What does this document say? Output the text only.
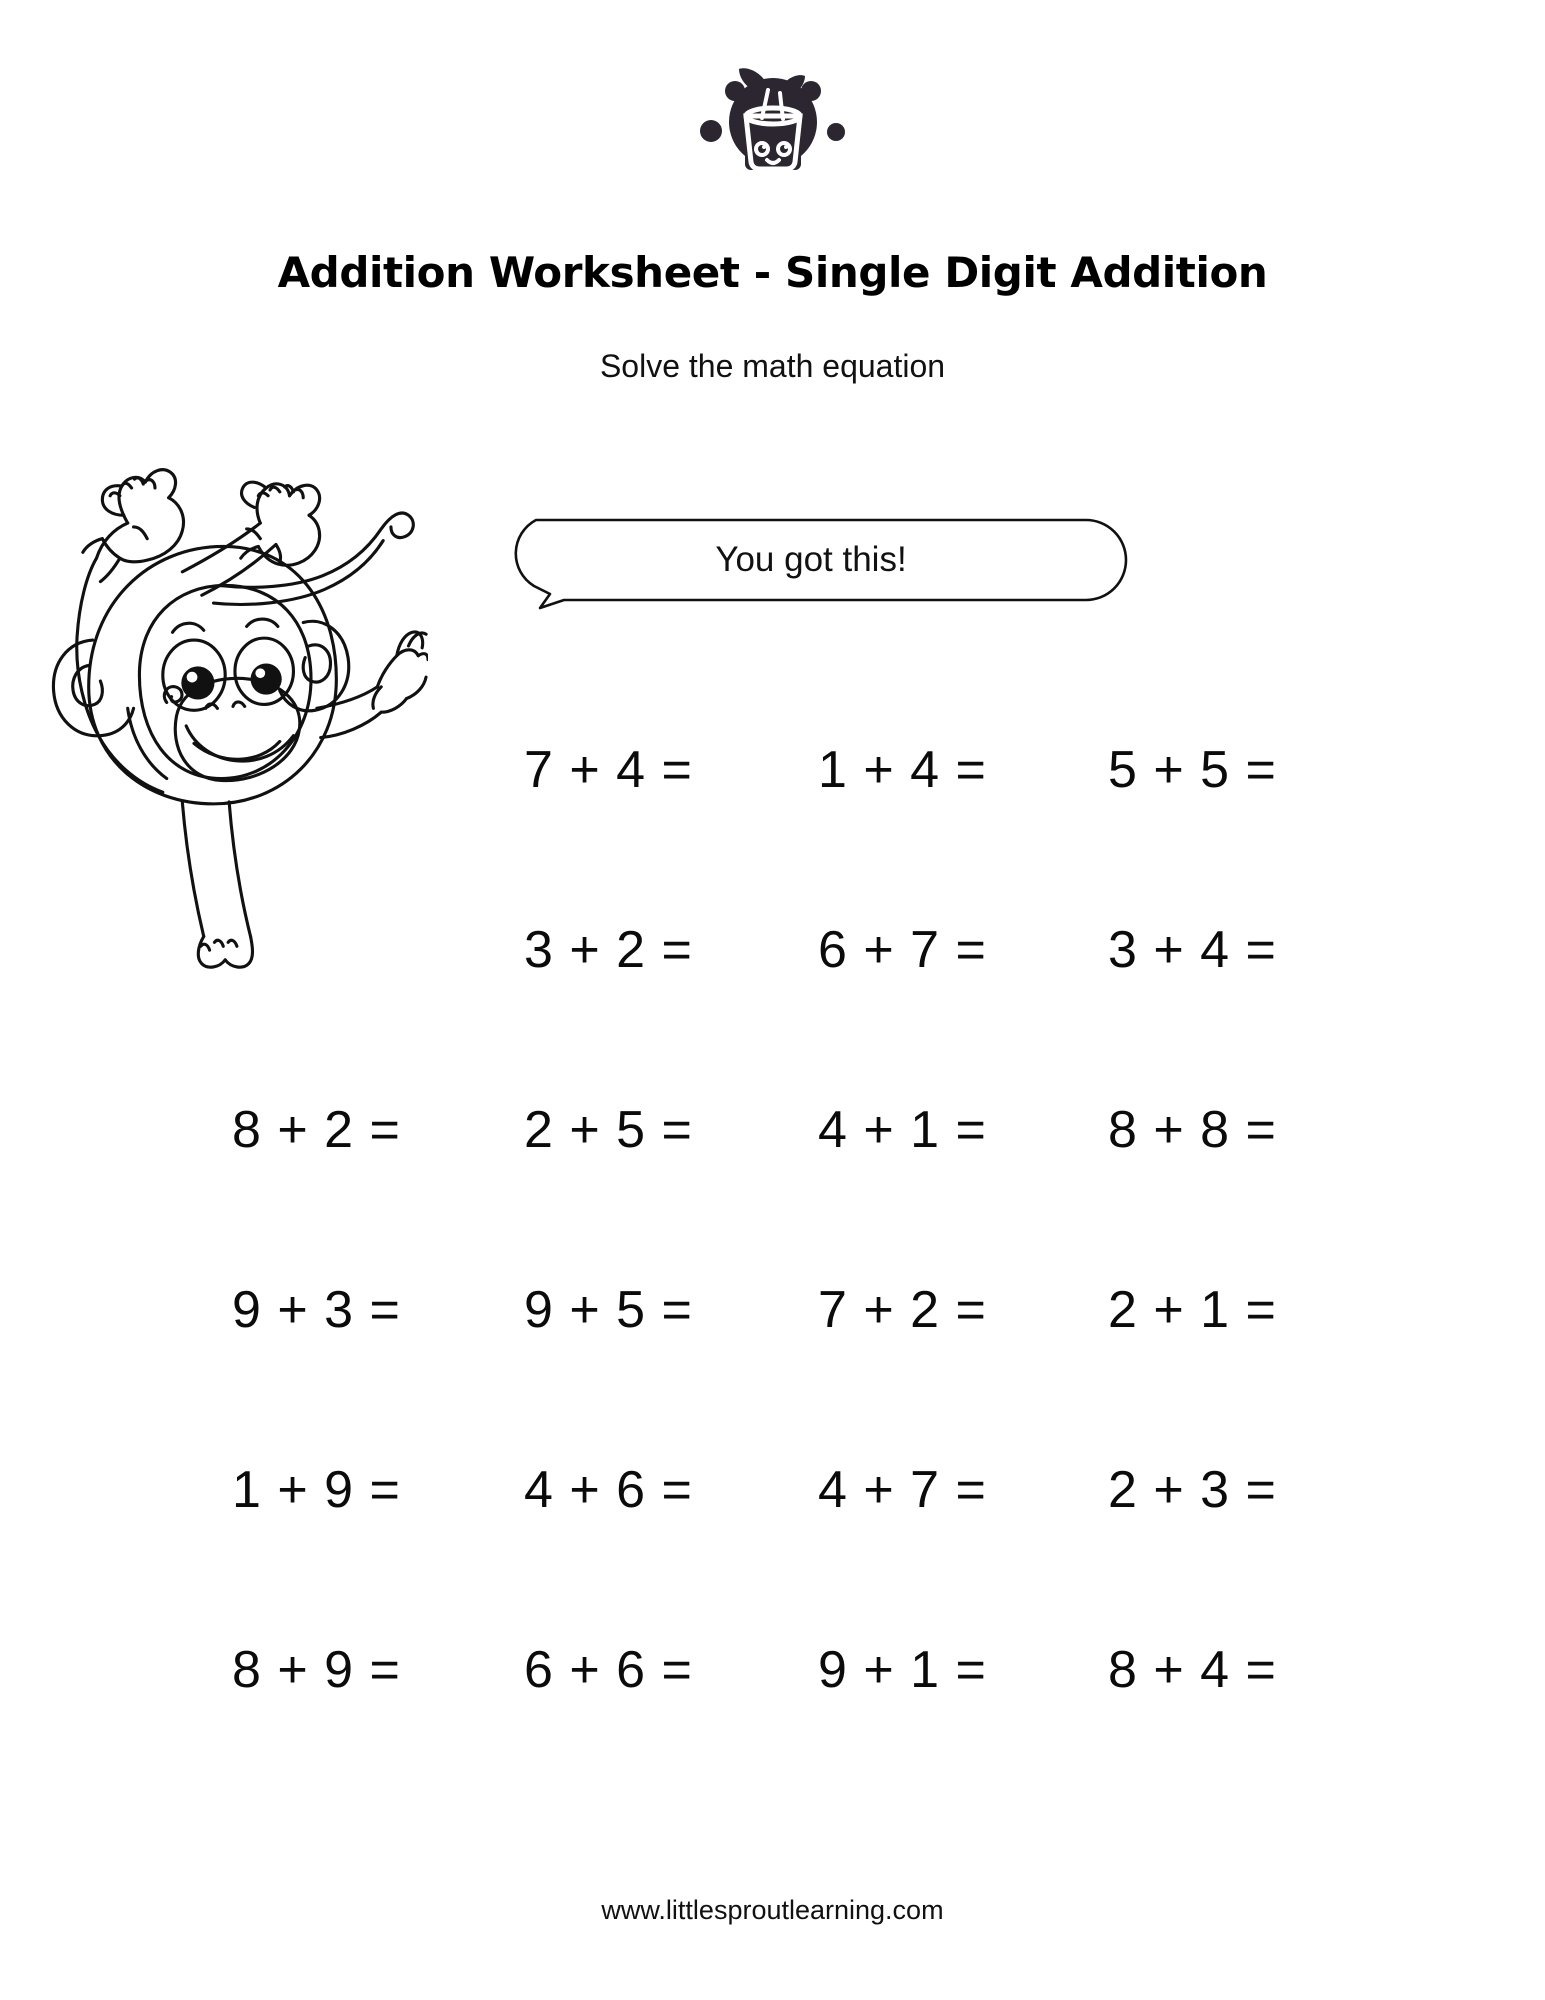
Addition Worksheet - Single Digit Addition
Solve the math equation
You got this!
7 + 4 = 1 + 4 = 5 + 5 =
3 + 2 = 6 + 7 = 3 + 4 =
8 + 2 = 2 + 5 = 4 + 1 = 8 + 8 =
9 + 3 = 9 + 5 = 7 + 2 = 2 + 1 =
1 + 9 = 4 + 6 = 4 + 7 = 2 + 3 =
8 + 9 = 6 + 6 = 9 + 1 = 8 + 4 =
www.littlesproutlearning.com
